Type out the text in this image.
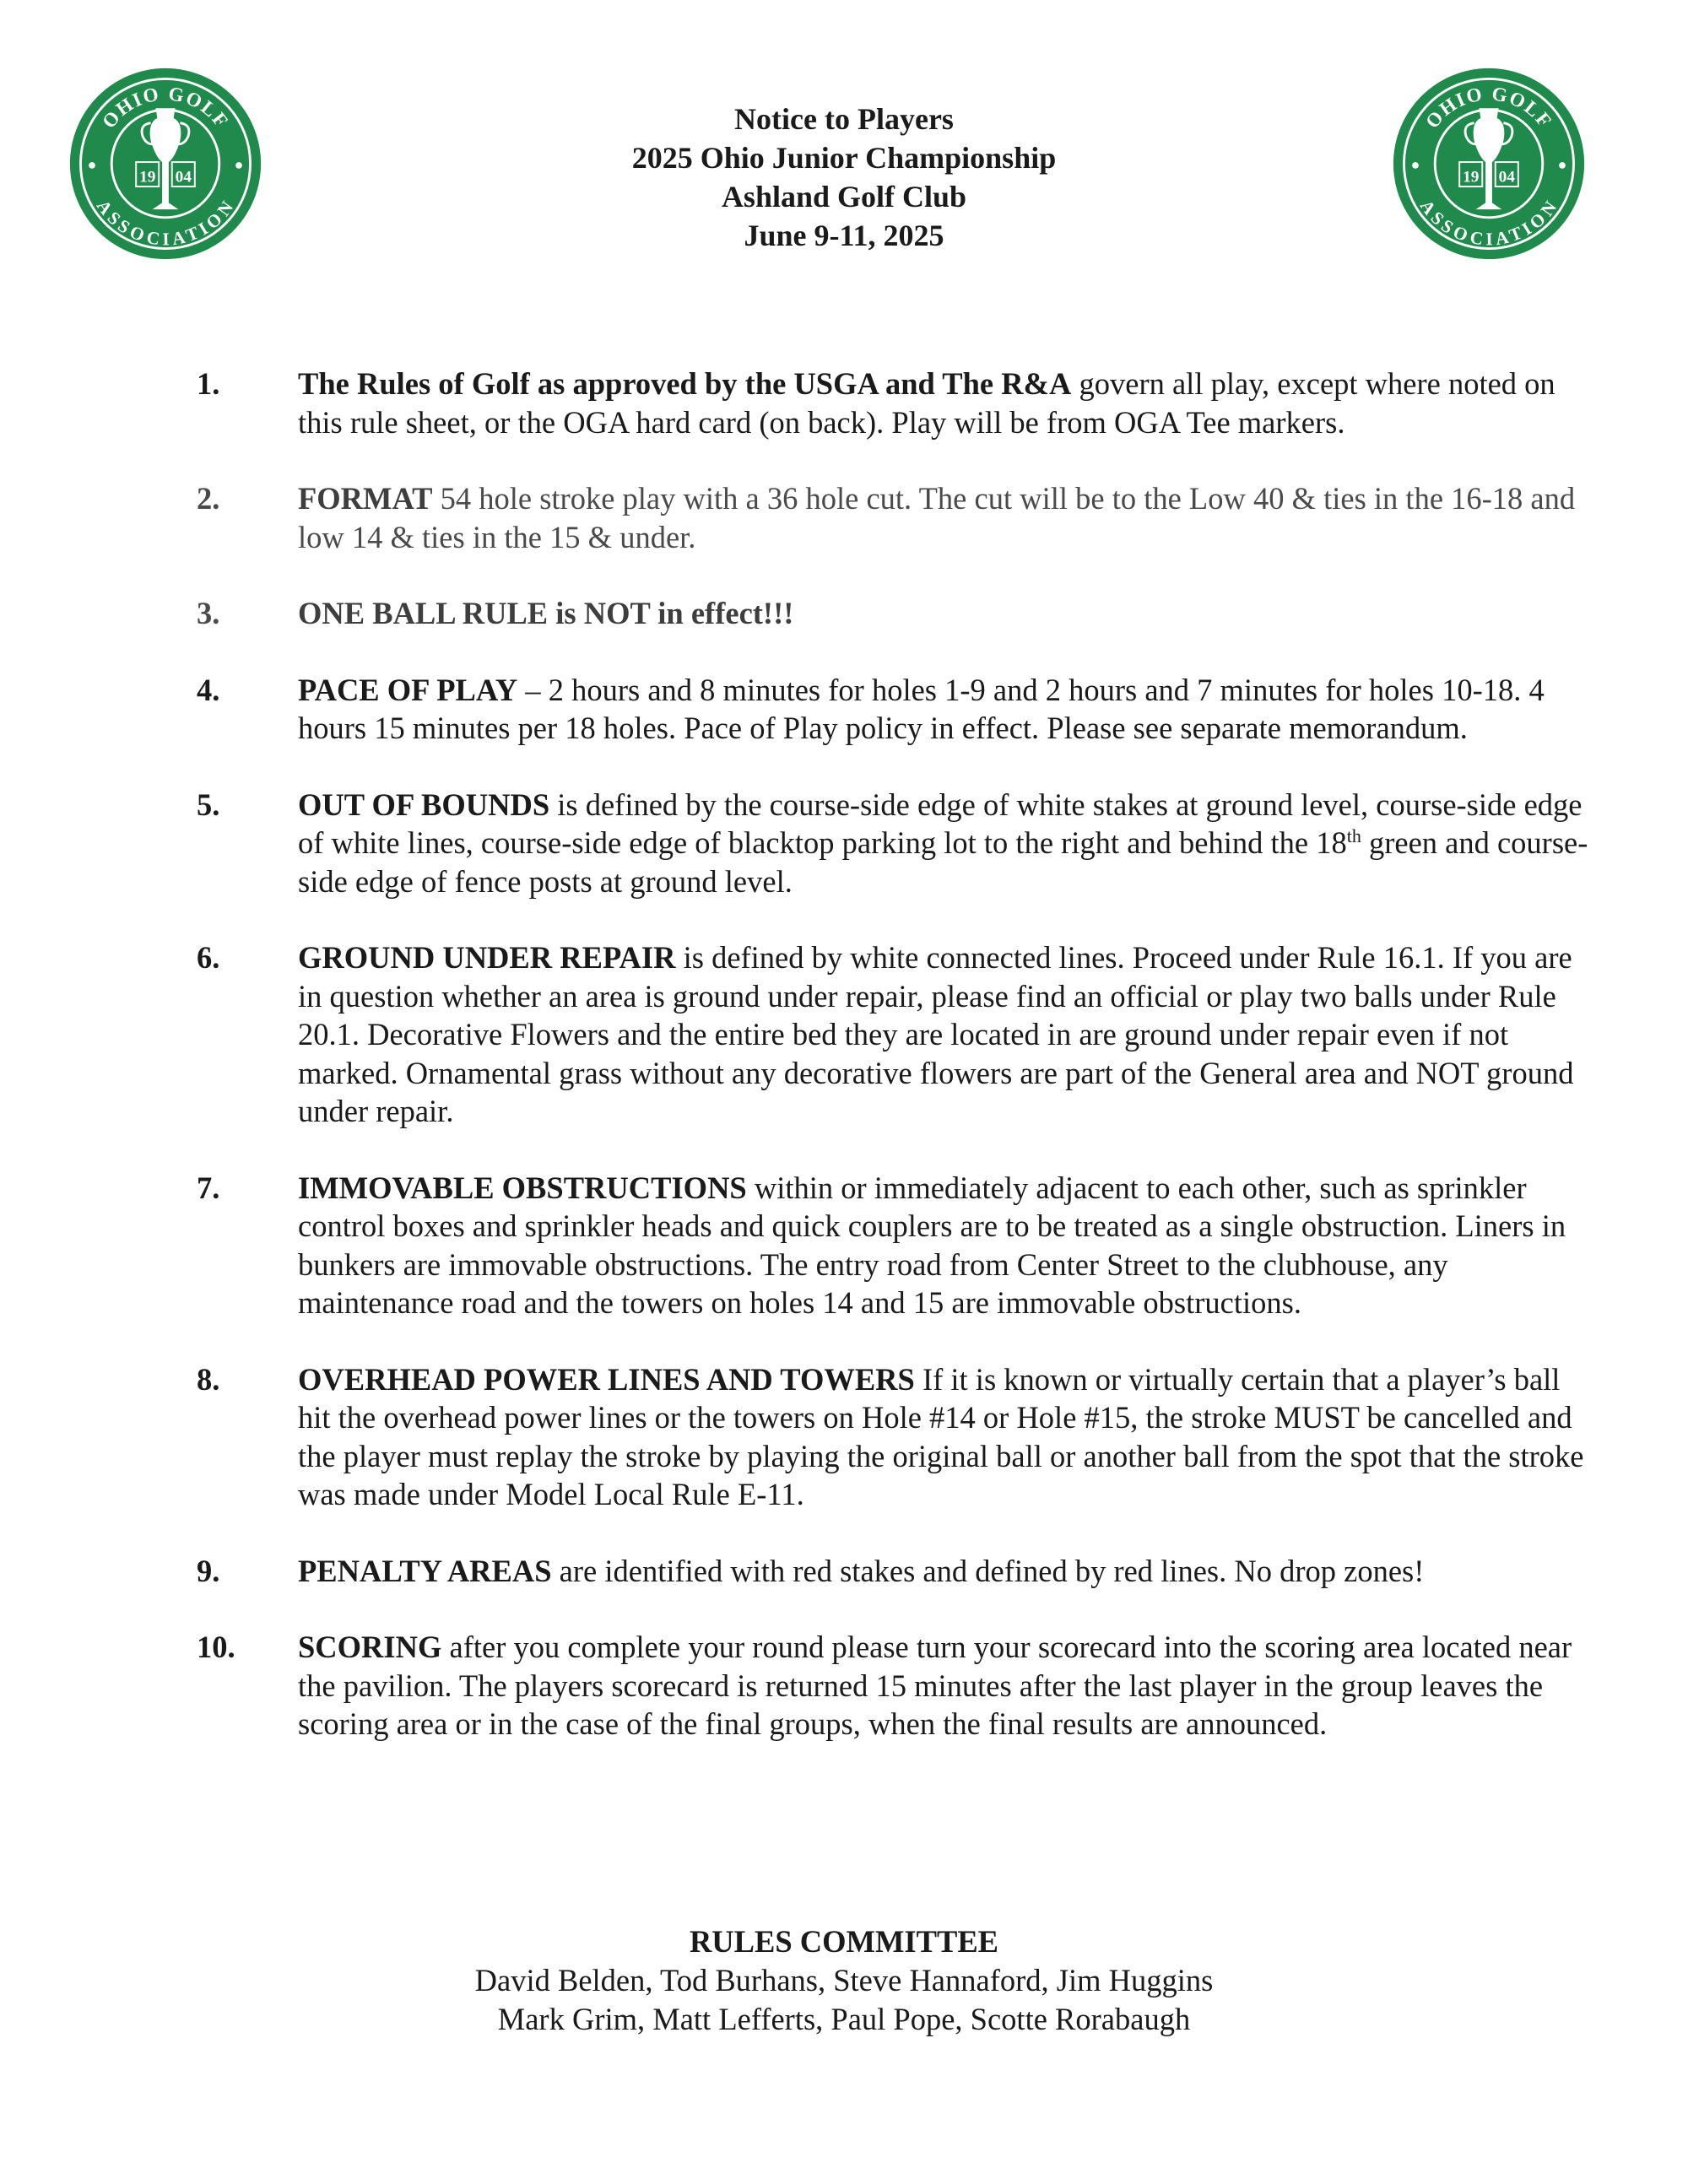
OHIO GOLF
ASSOCIATION
19 04
OHIO GOLF
ASSOCIATION
19 04
Notice to Players
2025 Ohio Junior Championship
Ashland Golf Club
June 9-11, 2025
1.	The Rules of Golf as approved by the USGA and The R&A govern all play, except where noted on this rule sheet, or the OGA hard card (on back). Play will be from OGA Tee markers.
2.	FORMAT 54 hole stroke play with a 36 hole cut. The cut will be to the Low 40 & ties in the 16-18 and low 14 & ties in the 15 & under.
3.	ONE BALL RULE is NOT in effect!!!
4.	PACE OF PLAY – 2 hours and 8 minutes for holes 1-9 and 2 hours and 7 minutes for holes 10-18. 4 hours 15 minutes per 18 holes. Pace of Play policy in effect. Please see separate memorandum.
5.	OUT OF BOUNDS is defined by the course-side edge of white stakes at ground level, course-side edge of white lines, course-side edge of blacktop parking lot to the right and behind the 18th green and course-side edge of fence posts at ground level.
6.	GROUND UNDER REPAIR is defined by white connected lines. Proceed under Rule 16.1. If you are in question whether an area is ground under repair, please find an official or play two balls under Rule 20.1. Decorative Flowers and the entire bed they are located in are ground under repair even if not marked. Ornamental grass without any decorative flowers are part of the General area and NOT ground under repair.
7.	IMMOVABLE OBSTRUCTIONS within or immediately adjacent to each other, such as sprinkler control boxes and sprinkler heads and quick couplers are to be treated as a single obstruction. Liners in bunkers are immovable obstructions. The entry road from Center Street to the clubhouse, any maintenance road and the towers on holes 14 and 15 are immovable obstructions.
8.	OVERHEAD POWER LINES AND TOWERS If it is known or virtually certain that a player’s ball hit the overhead power lines or the towers on Hole #14 or Hole #15, the stroke MUST be cancelled and the player must replay the stroke by playing the original ball or another ball from the spot that the stroke was made under Model Local Rule E-11.
9.	PENALTY AREAS are identified with red stakes and defined by red lines. No drop zones!
10. SCORING after you complete your round please turn your scorecard into the scoring area located near the pavilion. The players scorecard is returned 15 minutes after the last player in the group leaves the scoring area or in the case of the final groups, when the final results are announced.
RULES COMMITTEE
David Belden, Tod Burhans, Steve Hannaford, Jim Huggins
Mark Grim, Matt Lefferts, Paul Pope, Scotte Rorabaugh
